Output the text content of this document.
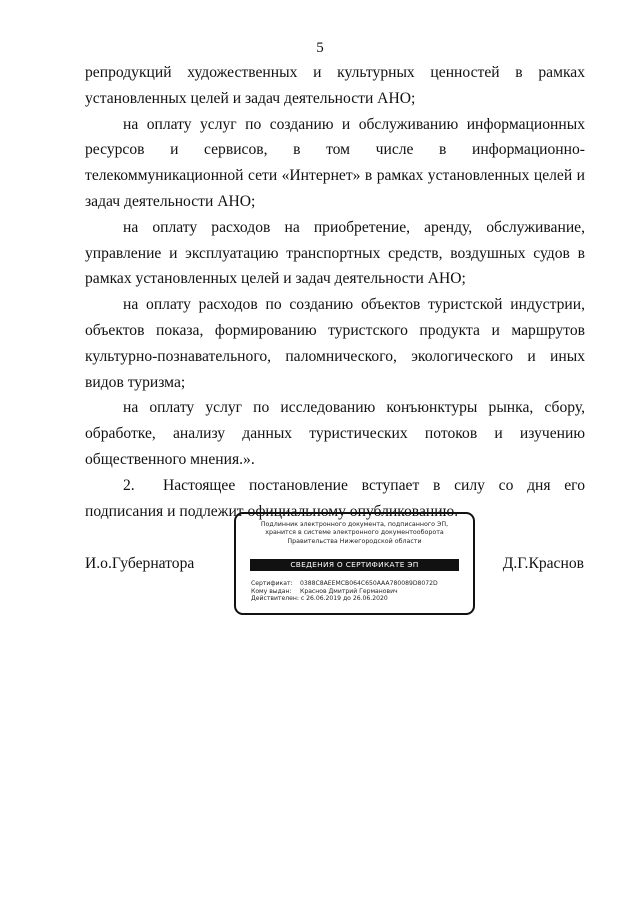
5

репродукций художественных и культурных ценностей в рамках установленных целей и задач деятельности АНО;

на оплату услуг по созданию и обслуживанию информационных ресурсов и сервисов, в том числе в информационно-телекоммуникационной сети «Интернет» в рамках установленных целей и задач деятельности АНО;

на оплату расходов на приобретение, аренду, обслуживание, управление и эксплуатацию транспортных средств, воздушных судов в рамках установленных целей и задач деятельности АНО;

на оплату расходов по созданию объектов туристской индустрии, объектов показа, формированию туристского продукта и маршрутов культурно-познавательного, паломнического, экологического и иных видов туризма;

на оплату услуг по исследованию конъюнктуры рынка, сбору, обработке, анализу данных туристических потоков и изучению общественного мнения.».

2. Настоящее постановление вступает в силу со дня его подписания и подлежит официальному опубликованию.

И.о.Губернатора	Д.Г.Краснов
Подлинник электронного документа, подписанного ЭП,
хранится в системе электронного документооборота
Правительства Нижегородской области
СВЕДЕНИЯ О СЕРТИФИКАТЕ ЭП
Сертификат: 0388C8AEEMCB064C650AAA780089D8072D
Кому выдан: Краснов Дмитрий Германович
Действителен: с 26.06.2019 до 26.06.2020
